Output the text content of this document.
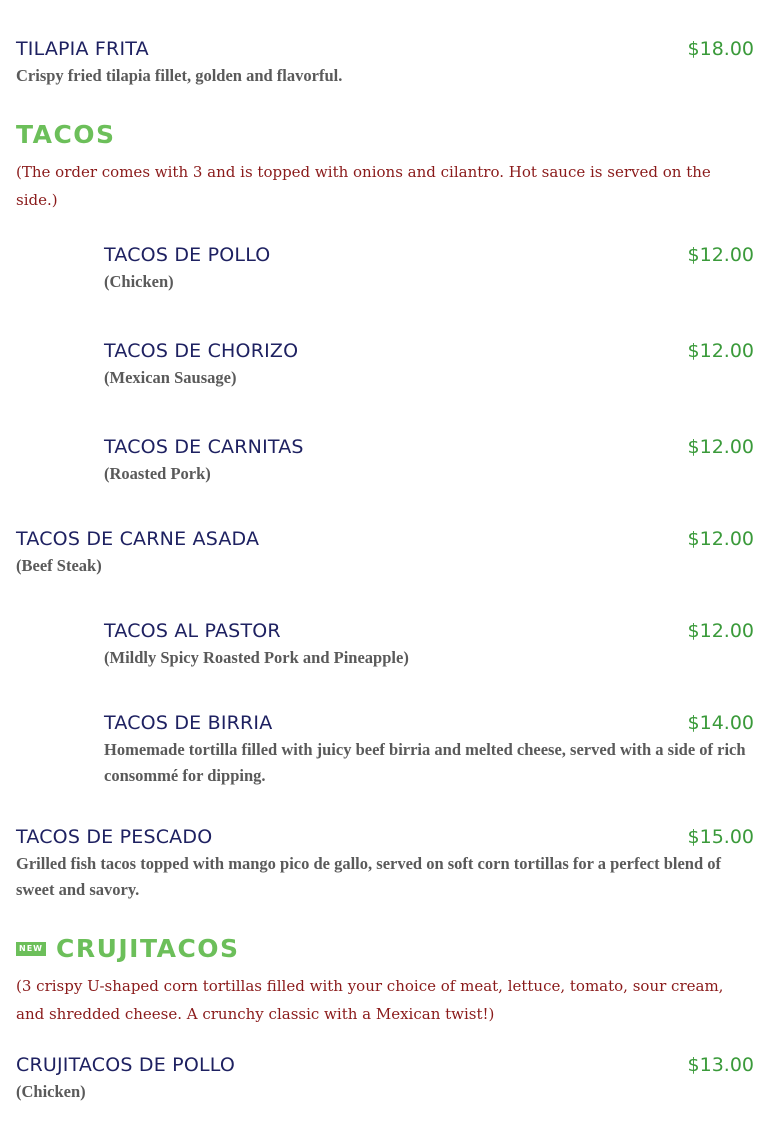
TILAPIA FRITA	$18.00
Crispy fried tilapia fillet, golden and flavorful.
TACOS
(The order comes with 3 and is topped with onions and cilantro. Hot sauce is served on the side.)
TACOS DE POLLO	$12.00
(Chicken)
TACOS DE CHORIZO	$12.00
(Mexican Sausage)
TACOS DE CARNITAS	$12.00
(Roasted Pork)
TACOS DE CARNE ASADA	$12.00
(Beef Steak)
TACOS AL PASTOR	$12.00
(Mildly Spicy Roasted Pork and Pineapple)
TACOS DE BIRRIA	$14.00
Homemade tortilla filled with juicy beef birria and melted cheese, served with a side of rich consommé for dipping.
TACOS DE PESCADO	$15.00
Grilled fish tacos topped with mango pico de gallo, served on soft corn tortillas for a perfect blend of sweet and savory.
NEW CRUJITACOS
(3 crispy U-shaped corn tortillas filled with your choice of meat, lettuce, tomato, sour cream, and shredded cheese. A crunchy classic with a Mexican twist!)
CRUJITACOS DE POLLO	$13.00
(Chicken)
